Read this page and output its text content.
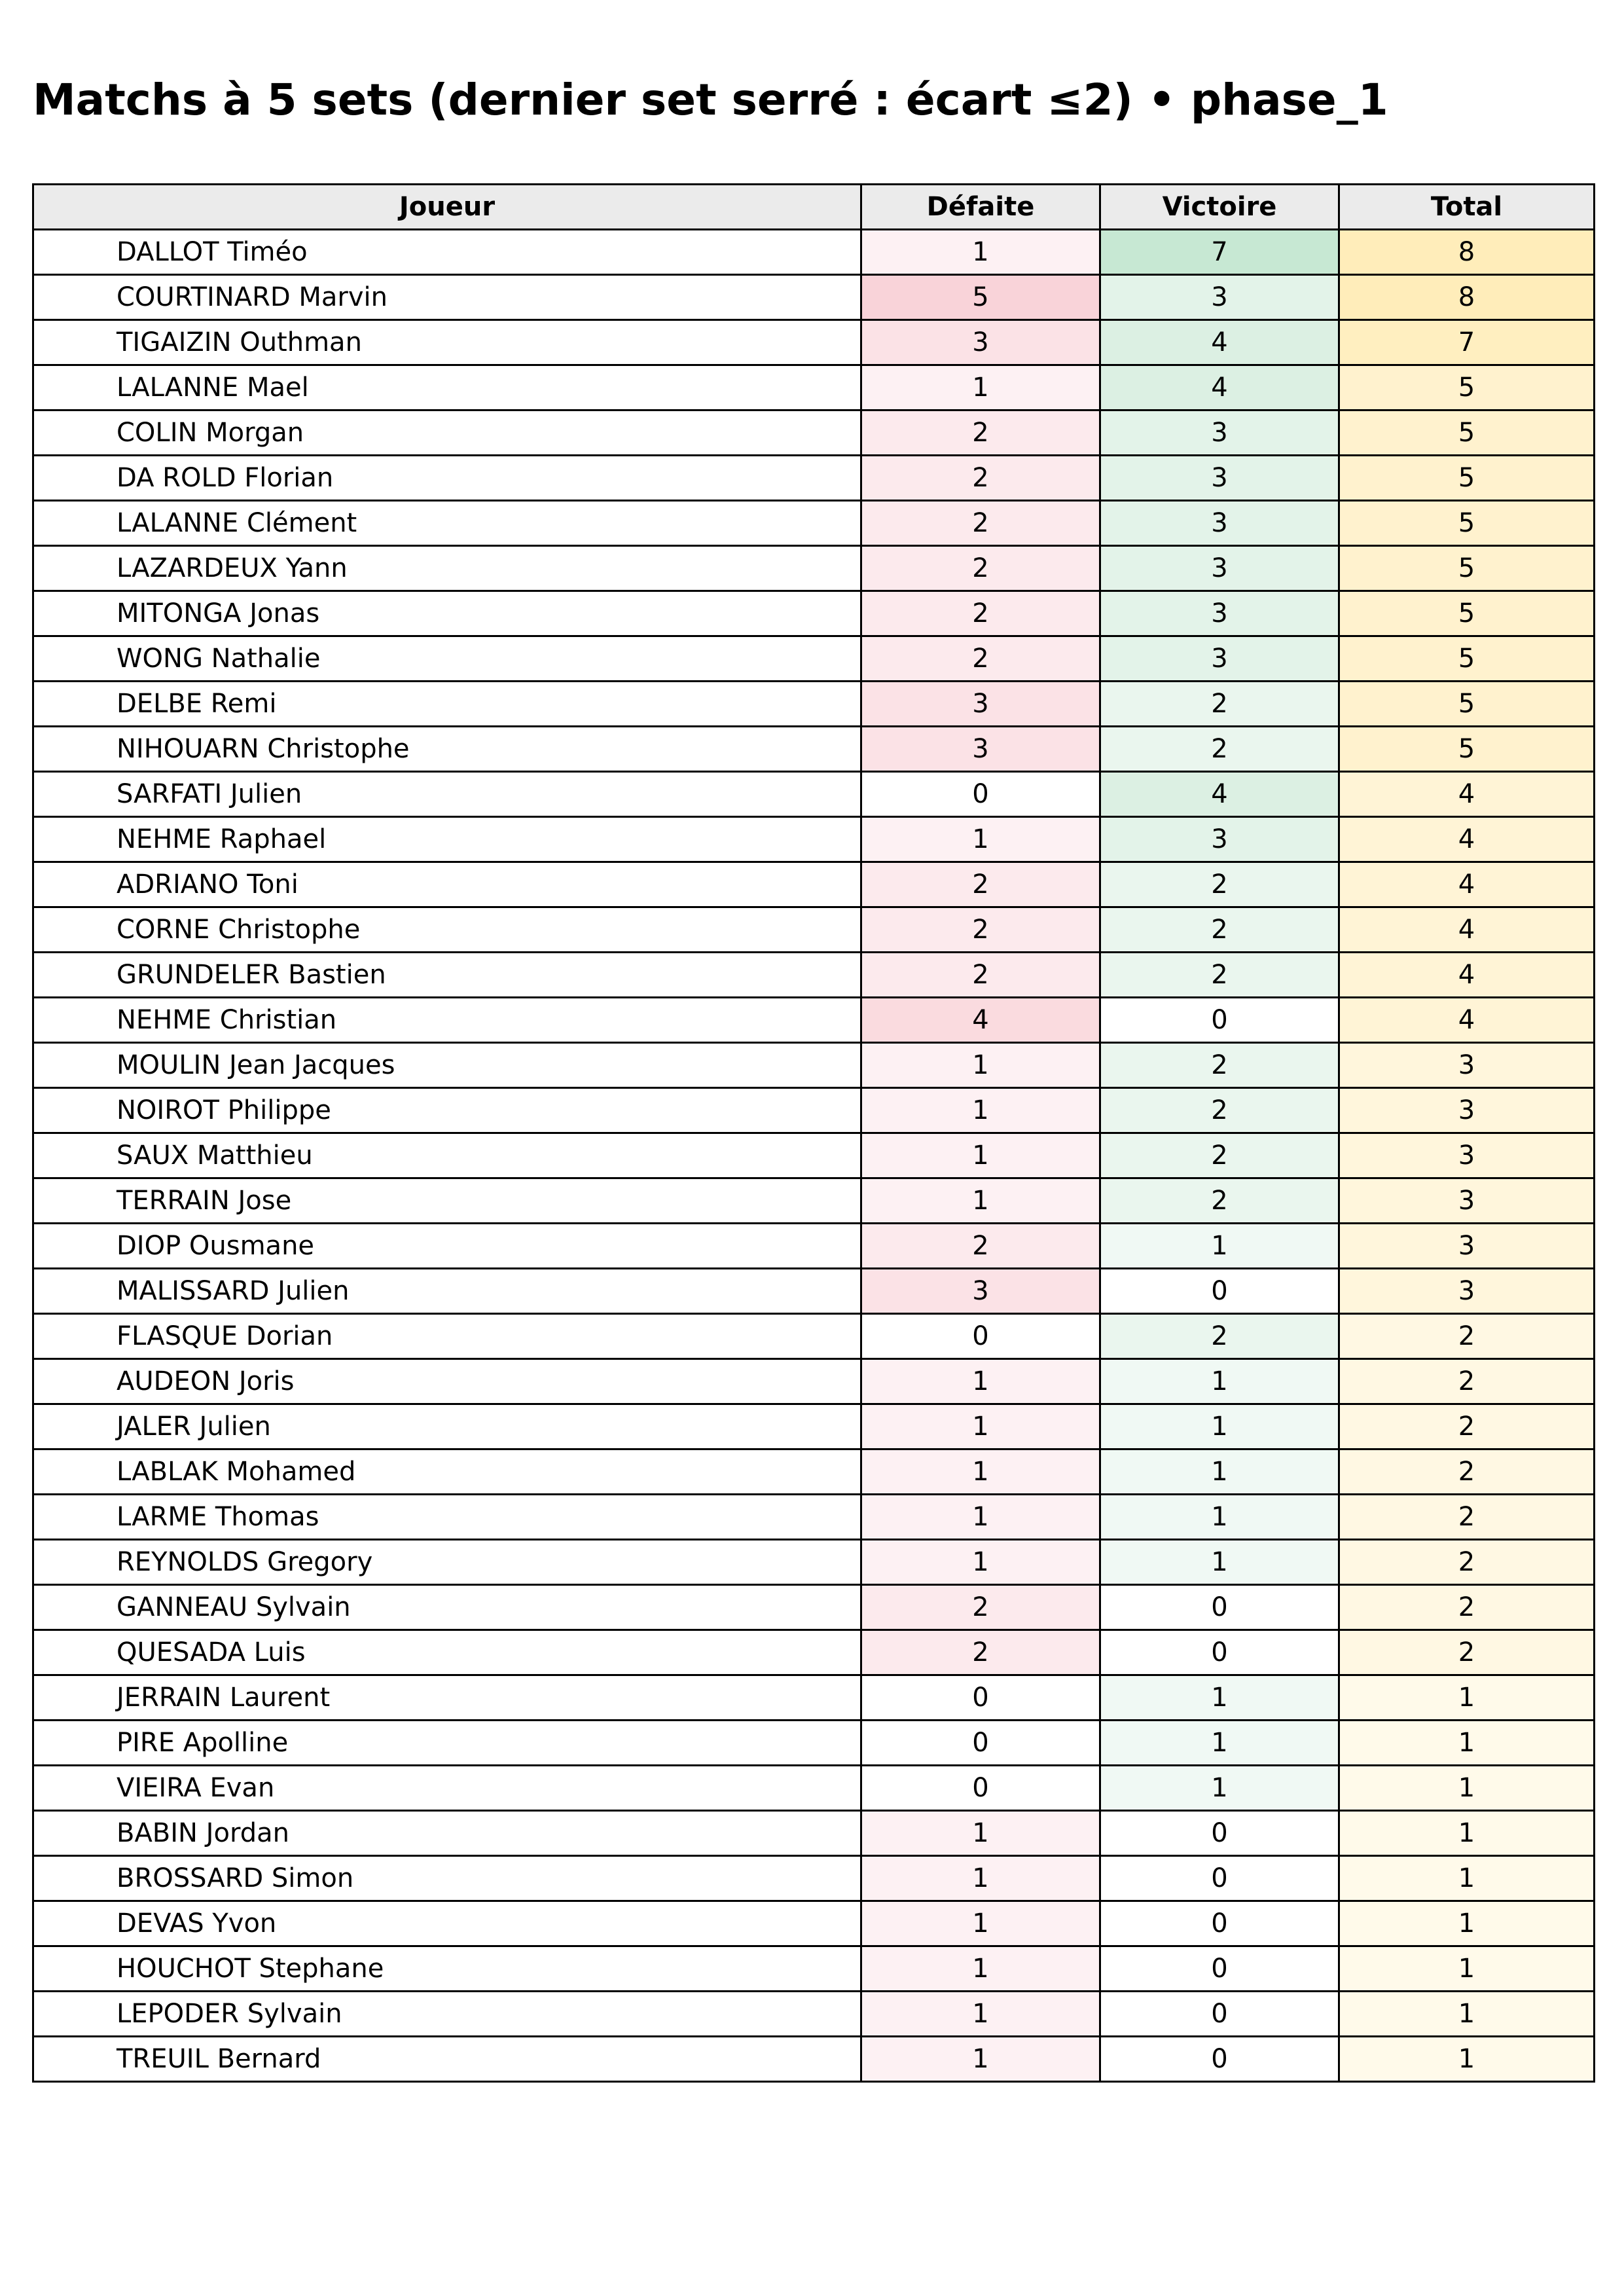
Matchs à 5 sets (dernier set serré : écart ≤2) • phase_1
Joueur	Défaite	Victoire	Total
DALLOT Timéo	1	7	8
COURTINARD Marvin	5	3	8
TIGAIZIN Outhman	3	4	7
LALANNE Mael	1	4	5
COLIN Morgan	2	3	5
DA ROLD Florian	2	3	5
LALANNE Clément	2	3	5
LAZARDEUX Yann	2	3	5
MITONGA Jonas	2	3	5
WONG Nathalie	2	3	5
DELBE Remi	3	2	5
NIHOUARN Christophe	3	2	5
SARFATI Julien	0	4	4
NEHME Raphael	1	3	4
ADRIANO Toni	2	2	4
CORNE Christophe	2	2	4
GRUNDELER Bastien	2	2	4
NEHME Christian	4	0	4
MOULIN Jean Jacques	1	2	3
NOIROT Philippe	1	2	3
SAUX Matthieu	1	2	3
TERRAIN Jose	1	2	3
DIOP Ousmane	2	1	3
MALISSARD Julien	3	0	3
FLASQUE Dorian	0	2	2
AUDEON Joris	1	1	2
JALER Julien	1	1	2
LABLAK Mohamed	1	1	2
LARME Thomas	1	1	2
REYNOLDS Gregory	1	1	2
GANNEAU Sylvain	2	0	2
QUESADA Luis	2	0	2
JERRAIN Laurent	0	1	1
PIRE Apolline	0	1	1
VIEIRA Evan	0	1	1
BABIN Jordan	1	0	1
BROSSARD Simon	1	0	1
DEVAS Yvon	1	0	1
HOUCHOT Stephane	1	0	1
LEPODER Sylvain	1	0	1
TREUIL Bernard	1	0	1
